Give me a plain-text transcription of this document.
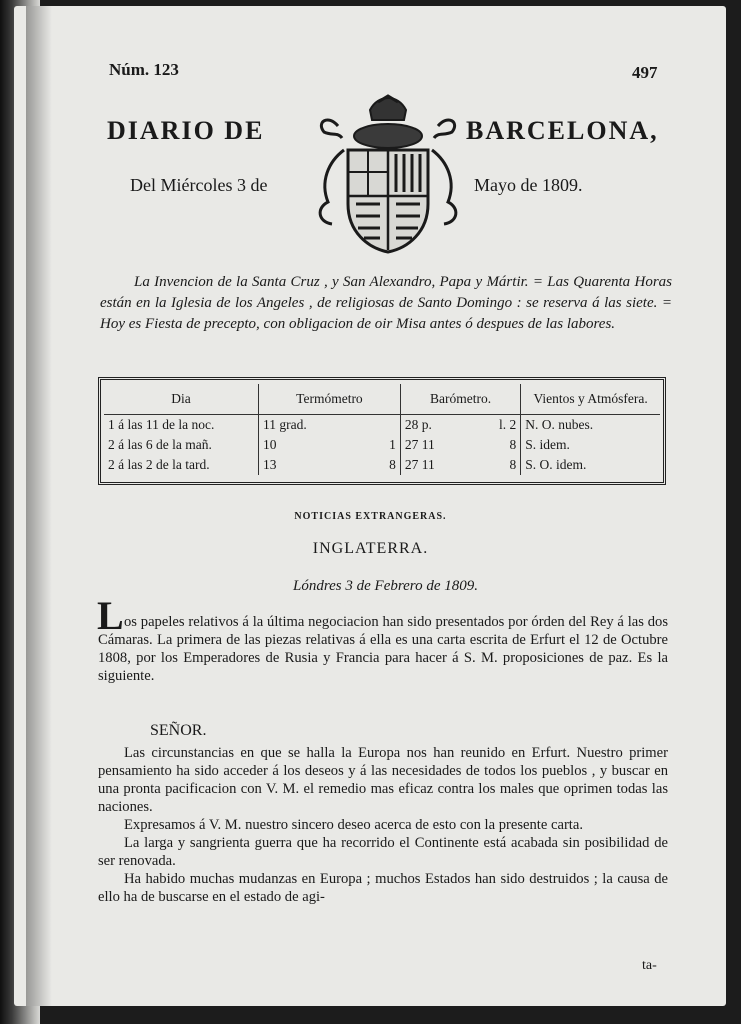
Núm. 123	497
DIARIO DE	BARCELONA,
Del Miércoles 3 de	Mayo de 1809.
La Invencion de la Santa Cruz , y San Alexandro, Papa y Mártir. = Las Quarenta Horas están en la Iglesia de los Angeles , de religiosas de Santo Domingo : se reserva á las siete. = Hoy es Fiesta de precepto, con obligacion de oir Misa antes ó despues de las labores.
Dia	Termómetro		Barómetro.		Vientos y Atmósfera.
1 á las 11 de la noc.	11 grad.		28 p.	l. 2	N. O. nubes.
2 á las 6 de la mañ.	10	1	27 11	8	S. idem.
2 á las 2 de la tard.	13	8	27 11	8	S. O. idem.
NOTICIAS EXTRANGERAS.
INGLATERRA.
Lóndres 3 de Febrero de 1809.
L os papeles relativos á la última negociacion han sido presentados por órden del Rey á las dos Cámaras. La primera de las piezas relativas á ella es una carta escrita de Erfurt el 12 de Octubre 1808, por los Emperadores de Rusia y Francia para hacer á S. M. proposiciones de paz. Es la siguiente.
SEÑOR.

Las circunstancias en que se halla la Europa nos han reunido en Erfurt. Nuestro primer pensamiento ha sido acceder á los deseos y á las necesidades de todos los pueblos , y buscar en una pronta pacificacion con V. M. el remedio mas eficaz contra los males que oprimen todas las naciones.

Expresamos á V. M. nuestro sincero deseo acerca de esto con la presente carta.

La larga y sangrienta guerra que ha recorrido el Continente está acabada sin posibilidad de ser renovada.

Ha habido muchas mudanzas en Europa ; muchos Estados han sido destruidos ; la causa de ello ha de buscarse en el estado de agi-

ta-
